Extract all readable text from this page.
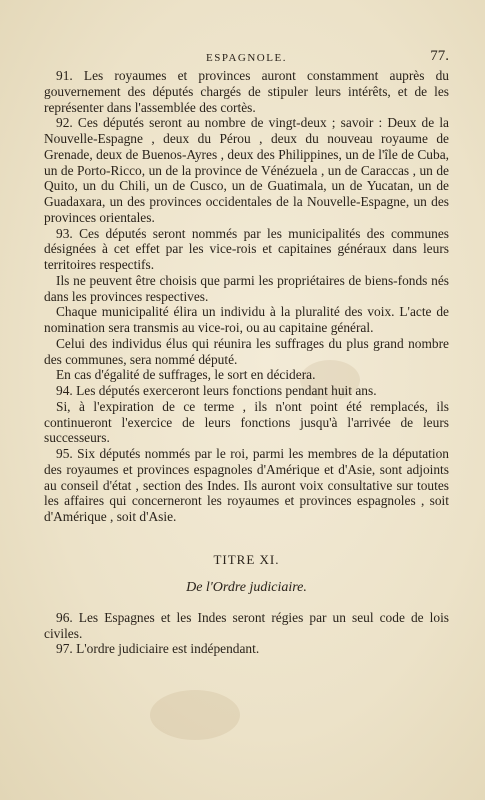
ESPAGNOLE.	77.

91. Les royaumes et provinces auront constamment auprès du gouvernement des députés chargés de stipuler leurs intérêts, et de les représenter dans l'assemblée des cortès.

92. Ces députés seront au nombre de vingt-deux ; savoir : Deux de la Nouvelle-Espagne , deux du Pérou , deux du nouveau royaume de Grenade, deux de Buenos-Ayres , deux des Philippines, un de l'île de Cuba, un de Porto-Ricco, un de la province de Vénézuela , un de Caraccas , un de Quito, un du Chili, un de Cusco, un de Guatimala, un de Yucatan, un de Guadaxara, un des provinces occidentales de la Nouvelle-Espagne, un des provinces orientales.

93. Ces députés seront nommés par les municipalités des communes désignées à cet effet par les vice-rois et capitaines généraux dans leurs territoires respectifs.

Ils ne peuvent être choisis que parmi les propriétaires de biens-fonds nés dans les provinces respectives.

Chaque municipalité élira un individu à la pluralité des voix. L'acte de nomination sera transmis au vice-roi, ou au capitaine général.

Celui des individus élus qui réunira les suffrages du plus grand nombre des communes, sera nommé député.

En cas d'égalité de suffrages, le sort en décidera.

94. Les députés exerceront leurs fonctions pendant huit ans.

Si, à l'expiration de ce terme , ils n'ont point été remplacés, ils continueront l'exercice de leurs fonctions jusqu'à l'arrivée de leurs successeurs.

95. Six députés nommés par le roi, parmi les membres de la députation des royaumes et provinces espagnoles d'Amérique et d'Asie, sont adjoints au conseil d'état , section des Indes. Ils auront voix consultative sur toutes les affaires qui concerneront les royaumes et provinces espagnoles , soit d'Amérique , soit d'Asie.

TITRE XI.
De l'Ordre judiciaire.

96. Les Espagnes et les Indes seront régies par un seul code de lois civiles.

97. L'ordre judiciaire est indépendant.
